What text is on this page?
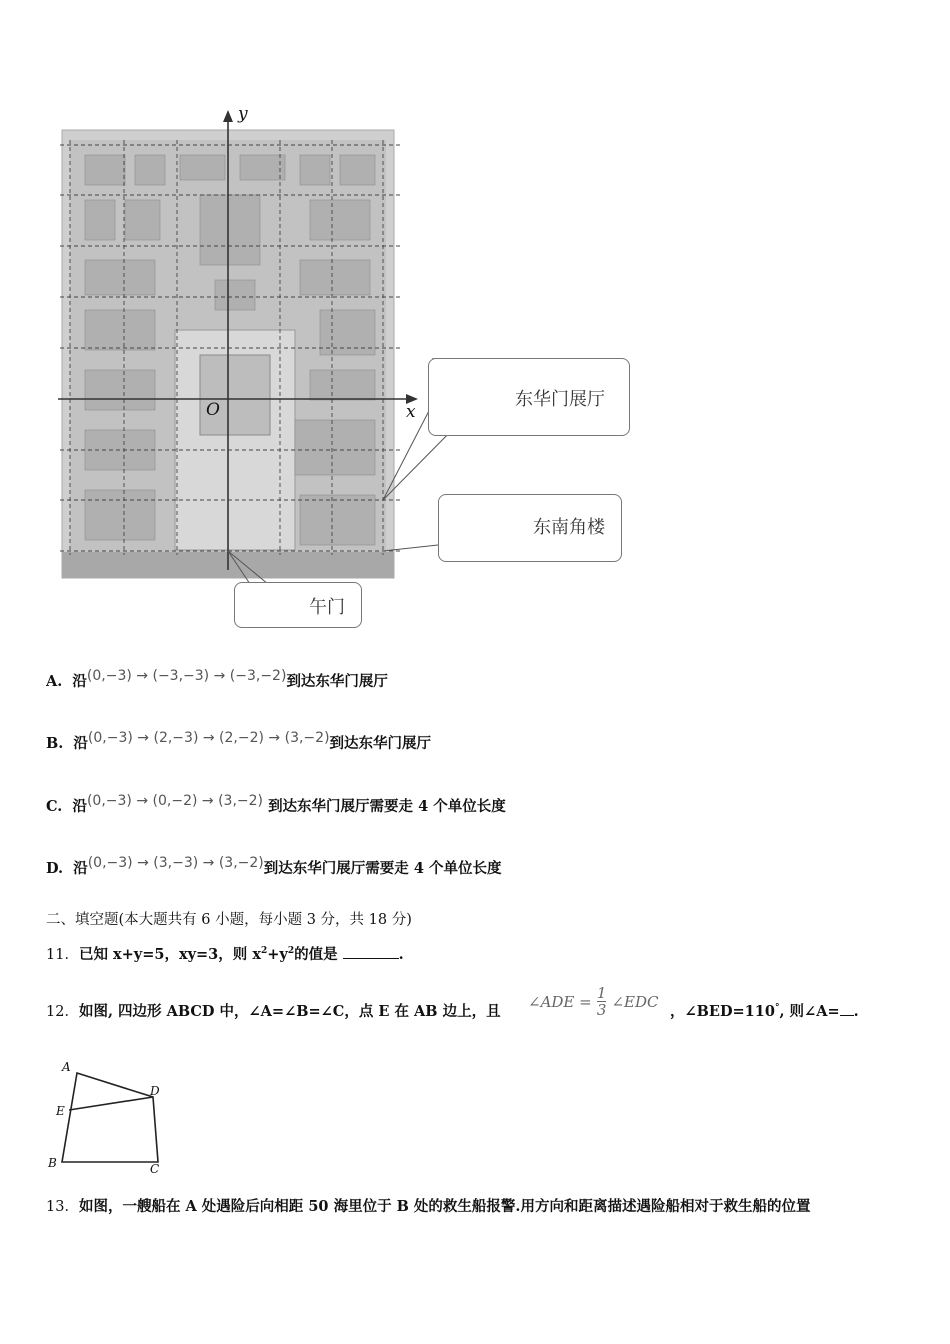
y
x
O	东华门展厅
东南角楼
午门
A. 沿(0,−3) → (−3,−3) → (−3,−2)到达东华门展厅
B. 沿(0,−3) → (2,−3) → (2,−2) → (3,−2)到达东华门展厅
C. 沿(0,−3) → (0,−2) → (3,−2) 到达东华门展厅需要走 4 个单位长度
D. 沿(0,−3) → (3,−3) → (3,−2)到达东华门展厅需要走 4 个单位长度
二、填空题(本大题共有 6 小题，每小题 3 分，共 18 分)
11．已知 x+y=5，xy=3，则 $x^2+y^2$的值是	.
12．如图, 四边形 ABCD 中，∠A=∠B=∠C，点 E 在 AB 边上，且
∠ADE = $\frac{1}{3}$ ∠EDC
，∠BED=110°, 则∠A= .
A
D
E
B	C
13．如图，一艘船在 A 处遇险后向相距 50 海里位于 B 处的救生船报警.用方向和距离描述遇险船相对于救生船的位置
